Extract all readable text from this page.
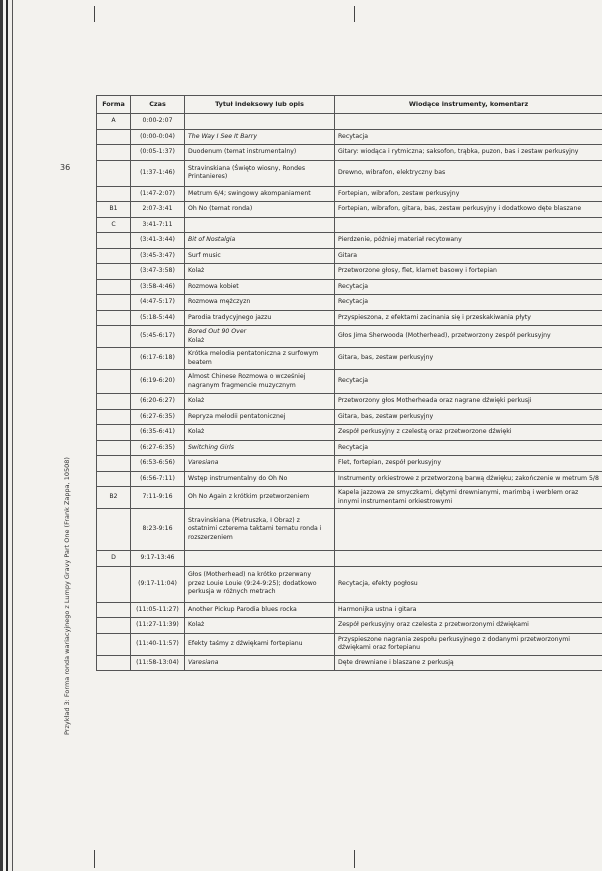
36
Przykład 3: Forma ronda wariacyjnego z Lumpy Gravy Part One (Frank Zappa, 10508)
Forma	Czas	Tytuł indeksowy lub opis	Wiodące instrumenty, komentarz

A	0:00-2:07		

	(0:00-0:04)	The Way I See It Barry	Recytacja

	(0:05-1:37)	Duodenum (temat instrumentalny)	Gitary: wiodąca i rytmiczna; saksofon, trąbka, puzon, bas i zestaw perkusyjny

	(1:37-1:46)	Stravinskiana (Święto wiosny, Rondes
Printanieres)	Drewno, wibrafon, elektryczny bas

	(1:47-2:07)	Metrum 6/4; swingowy akompaniament	Fortepian, wibrafon, zestaw perkusyjny

B1	2:07-3:41	Oh No (temat ronda)	Fortepian, wibrafon, gitara, bas, zestaw perkusyjny i dodatkowo dęte blaszane

C	3:41-7:11		

	(3:41-3:44)	Bit of Nostalgia	Pierdzenie, później materiał recytowany

	(3:45-3:47)	Surf music	Gitara

	(3:47-3:58)	Kolaż	Przetworzone głosy, flet, klarnet basowy i fortepian

	(3:58-4:46)	Rozmowa kobiet	Recytacja

	(4:47-5:17)	Rozmowa mężczyzn	Recytacja

	(5:18-5:44)	Parodia tradycyjnego jazzu	Przyspieszona, z efektami zacinania się i przeskakiwania płyty

	(5:45-6:17)	Bored Out 90 Over
Kolaż	Głos Jima Sherwooda (Motherhead), przetworzony zespół perkusyjny

	(6:17-6:18)	Krótka melodia pentatoniczna z surfowym
beatem	Gitara, bas, zestaw perkusyjny

	(6:19-6:20)	Almost Chinese Rozmowa o wcześniej
nagranym fragmencie muzycznym	Recytacja

	(6:20-6:27)	Kolaż	Przetworzony głos Motherheada oraz nagrane dźwięki perkusji

	(6:27-6:35)	Repryza melodii pentatonicznej	Gitara, bas, zestaw perkusyjny

	(6:35-6:41)	Kolaż	Zespół perkusyjny z czelestą oraz przetworzone dźwięki

	(6:27-6:35)	Switching Girls	Recytacja

	(6:53-6:56)	Varesiana	Flet, fortepian, zespół perkusyjny

	(6:56-7:11)	Wstęp instrumentalny do Oh No	Instrumenty orkiestrowe z przetworzoną barwą dźwięku; zakończenie w metrum 5/8

B2	7:11-9:16	Oh No Again z krótkim przetworzeniem	Kapela jazzowa ze smyczkami, dętymi drewnianymi, marimbą i werblem oraz
innymi instrumentami orkiestrowymi

	8:23-9:16	Stravinskiana (Pietruszka, I Obraz) z
ostatnimi czterema taktami tematu ronda i
rozszerzeniem	

D	9:17-13:46		

	(9:17-11:04)	Głos (Motherhead) na krótko przerwany
przez Louie Louie (9:24-9:25); dodatkowo
perkusja w różnych metrach	Recytacja, efekty pogłosu

	(11:05-11:27)	Another Pickup Parodia blues rocka	Harmonijka ustna i gitara

	(11:27-11:39)	Kolaż	Zespół perkusyjny oraz czelesta z przetworzonymi dźwiękami

	(11:40-11:57)	Efekty taśmy z dźwiękami fortepianu	Przyspieszone nagrania zespołu perkusyjnego z dodanymi przetworzonymi
dźwiękami oraz fortepianu

	(11:58-13:04)	Varesiana	Dęte drewniane i blaszane z perkusją
